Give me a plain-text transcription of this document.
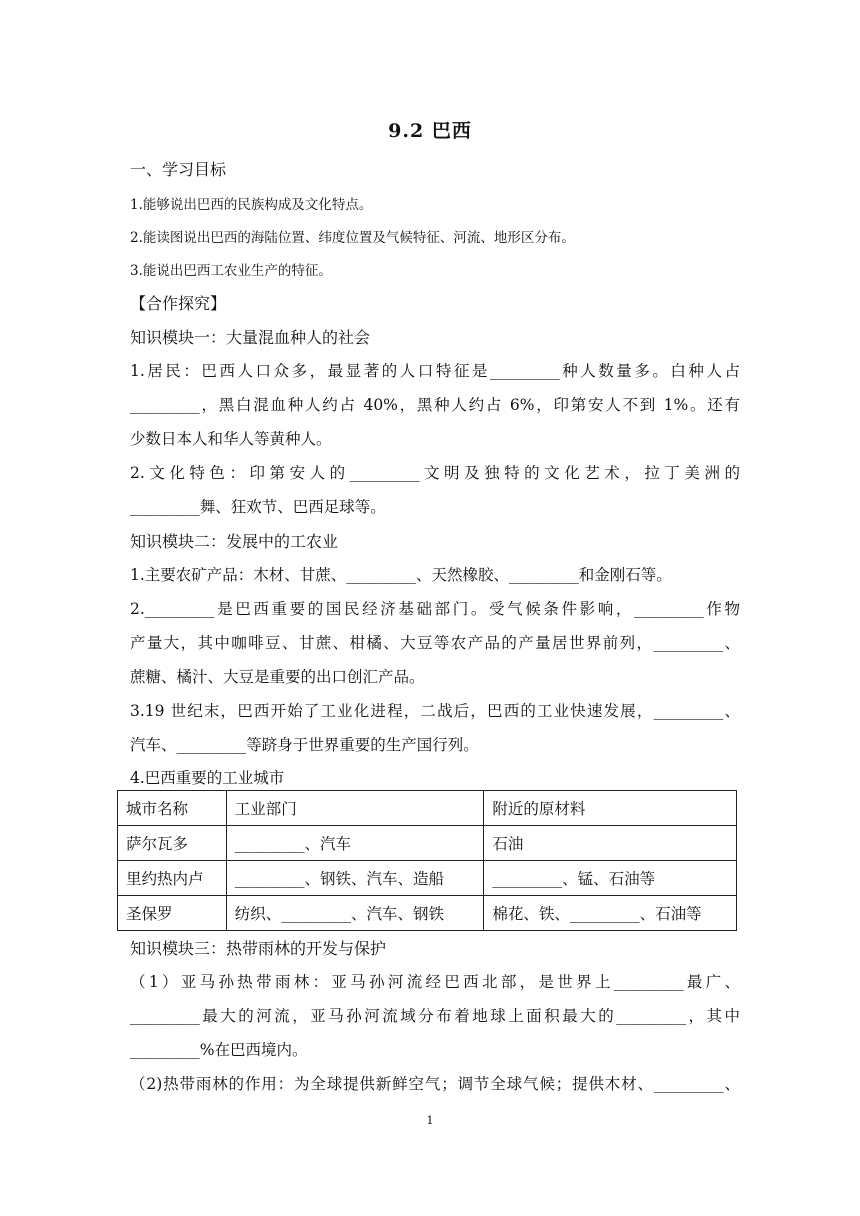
9.2 巴西
一、学习目标
1.能够说出巴西的民族构成及文化特点。
2.能读图说出巴西的海陆位置、纬度位置及气候特征、河流、地形区分布。
3.能说出巴西工农业生产的特征。
【合作探究】
知识模块一：大量混血种人的社会
1.居民：巴西人口众多，最显著的人口特征是_________种人数量多。白种人占
_________，黑白混血种人约占 40%，黑种人约占 6%，印第安人不到 1%。还有
少数日本人和华人等黄种人。
2.文化特色：印第安人的_________文明及独特的文化艺术，拉丁美洲的
_________舞、狂欢节、巴西足球等。
知识模块二：发展中的工农业
1.主要农矿产品：木材、甘蔗、_________、天然橡胶、_________和金刚石等。
2._________是巴西重要的国民经济基础部门。受气候条件影响，_________作物
产量大，其中咖啡豆、甘蔗、柑橘、大豆等农产品的产量居世界前列，_________、
蔗糖、橘汁、大豆是重要的出口创汇产品。
3.19 世纪末，巴西开始了工业化进程，二战后，巴西的工业快速发展，_________、
汽车、_________等跻身于世界重要的生产国行列。
4.巴西重要的工业城市
城市名称	工业部门	附近的原材料
萨尔瓦多	_________、汽车	石油
里约热内卢	_________、钢铁、汽车、造船	_________、锰、石油等
圣保罗	纺织、_________、汽车、钢铁	棉花、铁、_________、石油等
知识模块三：热带雨林的开发与保护
（1）亚马孙热带雨林：亚马孙河流经巴西北部，是世界上_________最广、
_________最大的河流，亚马孙河流域分布着地球上面积最大的_________，其中
_________%在巴西境内。
（2)热带雨林的作用：为全球提供新鲜空气；调节全球气候；提供木材、_________、
1
